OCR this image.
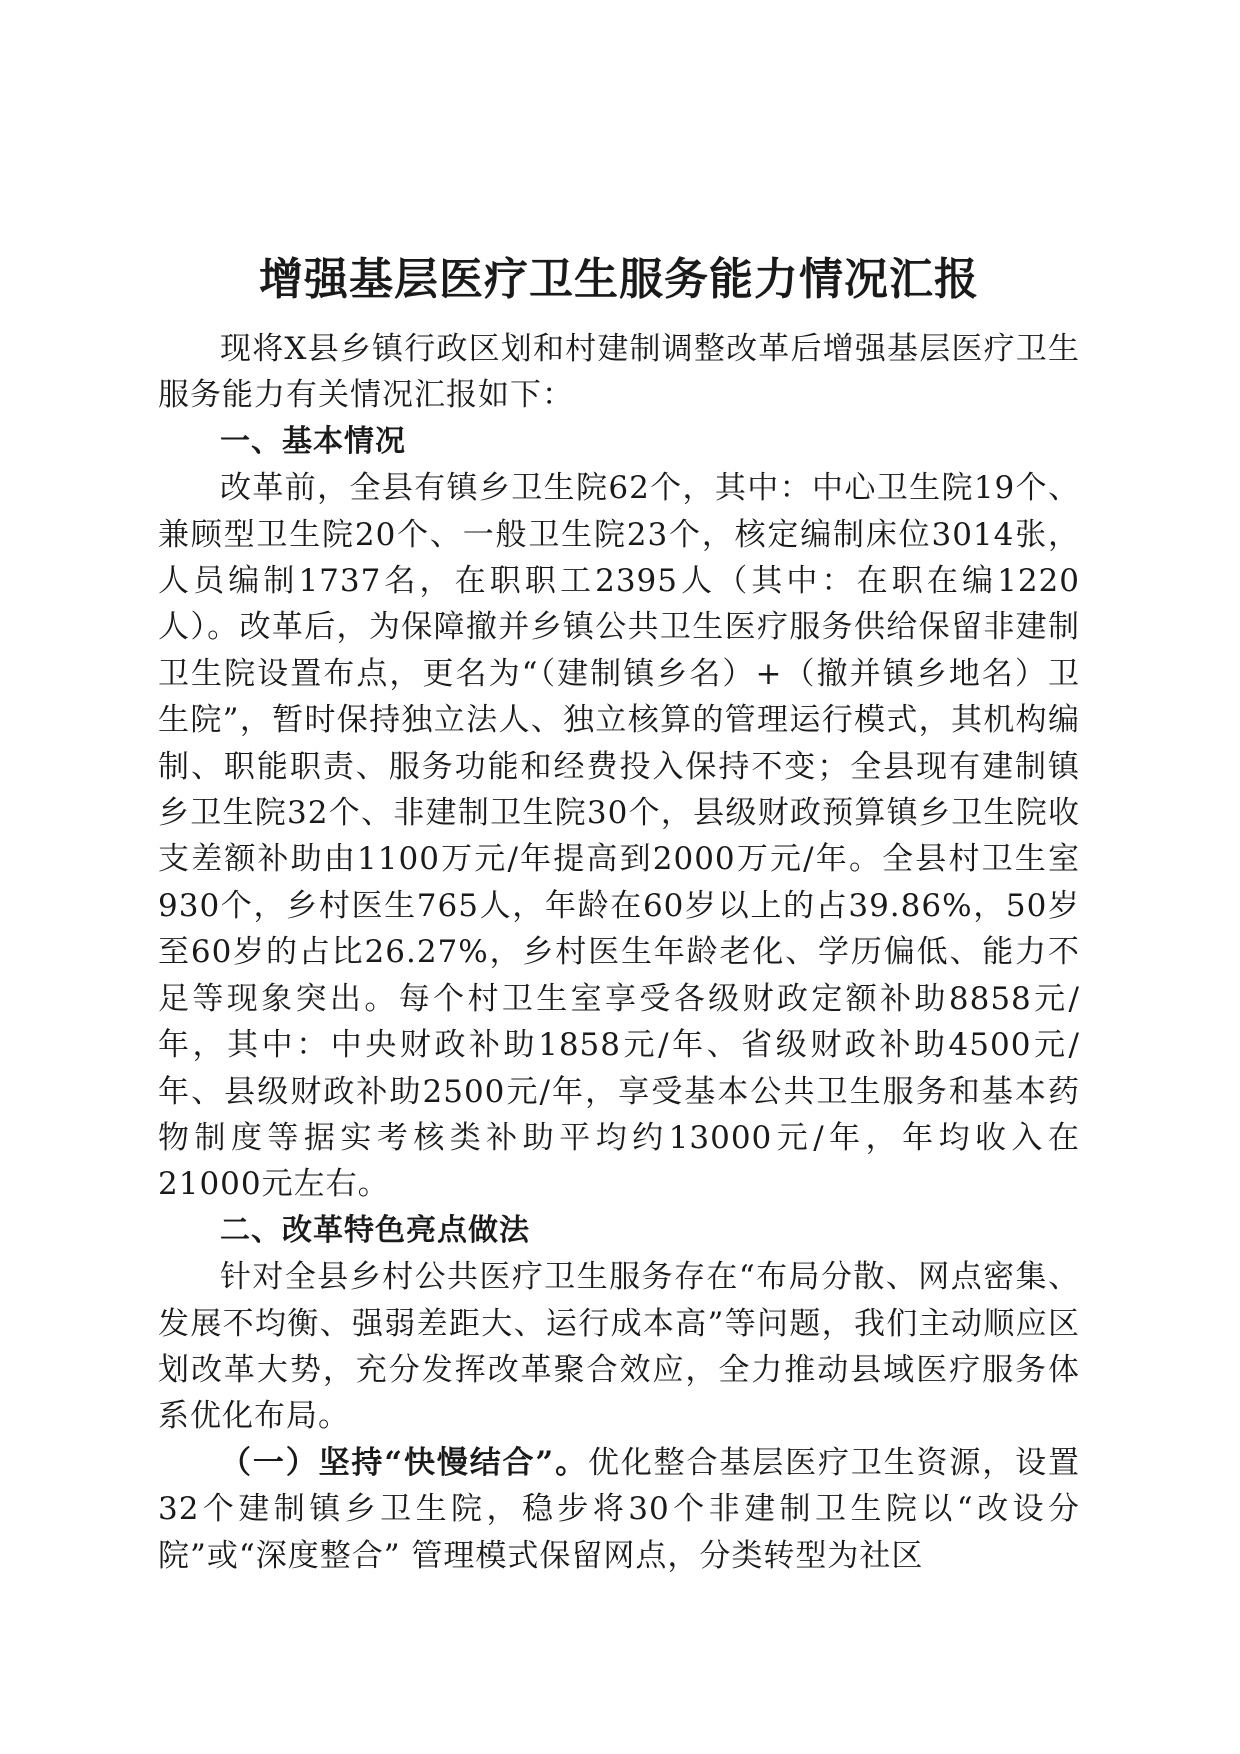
增强基层医疗卫生服务能力情况汇报

现将X县乡镇行政区划和村建制调整改革后增强基层医疗卫生服务能力有关情况汇报如下：

一、基本情况

改革前，全县有镇乡卫生院62个，其中：中心卫生院19个、兼顾型卫生院20个、一般卫生院23个，核定编制床位3014张，人员编制1737名，在职职工2395人（其中：在职在编1220人）。改革后，为保障撤并乡镇公共卫生医疗服务供给保留非建制卫生院设置布点，更名为“（建制镇乡名）+（撤并镇乡地名）卫生院”，暂时保持独立法人、独立核算的管理运行模式，其机构编制、职能职责、服务功能和经费投入保持不变；全县现有建制镇乡卫生院32个、非建制卫生院30个，县级财政预算镇乡卫生院收支差额补助由1100万元/年提高到2000万元/年。全县村卫生室930个，乡村医生765人，年龄在60岁以上的占39.86%，50岁至60岁的占比26.27%，乡村医生年龄老化、学历偏低、能力不足等现象突出。每个村卫生室享受各级财政定额补助8858元/年，其中：中央财政补助1858元/年、省级财政补助4500元/年、县级财政补助2500元/年，享受基本公共卫生服务和基本药物制度等据实考核类补助平均约13000元/年，年均收入在21000元左右。

二、改革特色亮点做法

针对全县乡村公共医疗卫生服务存在“布局分散、网点密集、发展不均衡、强弱差距大、运行成本高”等问题，我们主动顺应区划改革大势，充分发挥改革聚合效应，全力推动县域医疗服务体系优化布局。

（一）坚持“快慢结合”。优化整合基层医疗卫生资源，设置32个建制镇乡卫生院，稳步将30个非建制卫生院以“改设分院”或“深度整合” 管理模式保留网点，分类转型为社区
